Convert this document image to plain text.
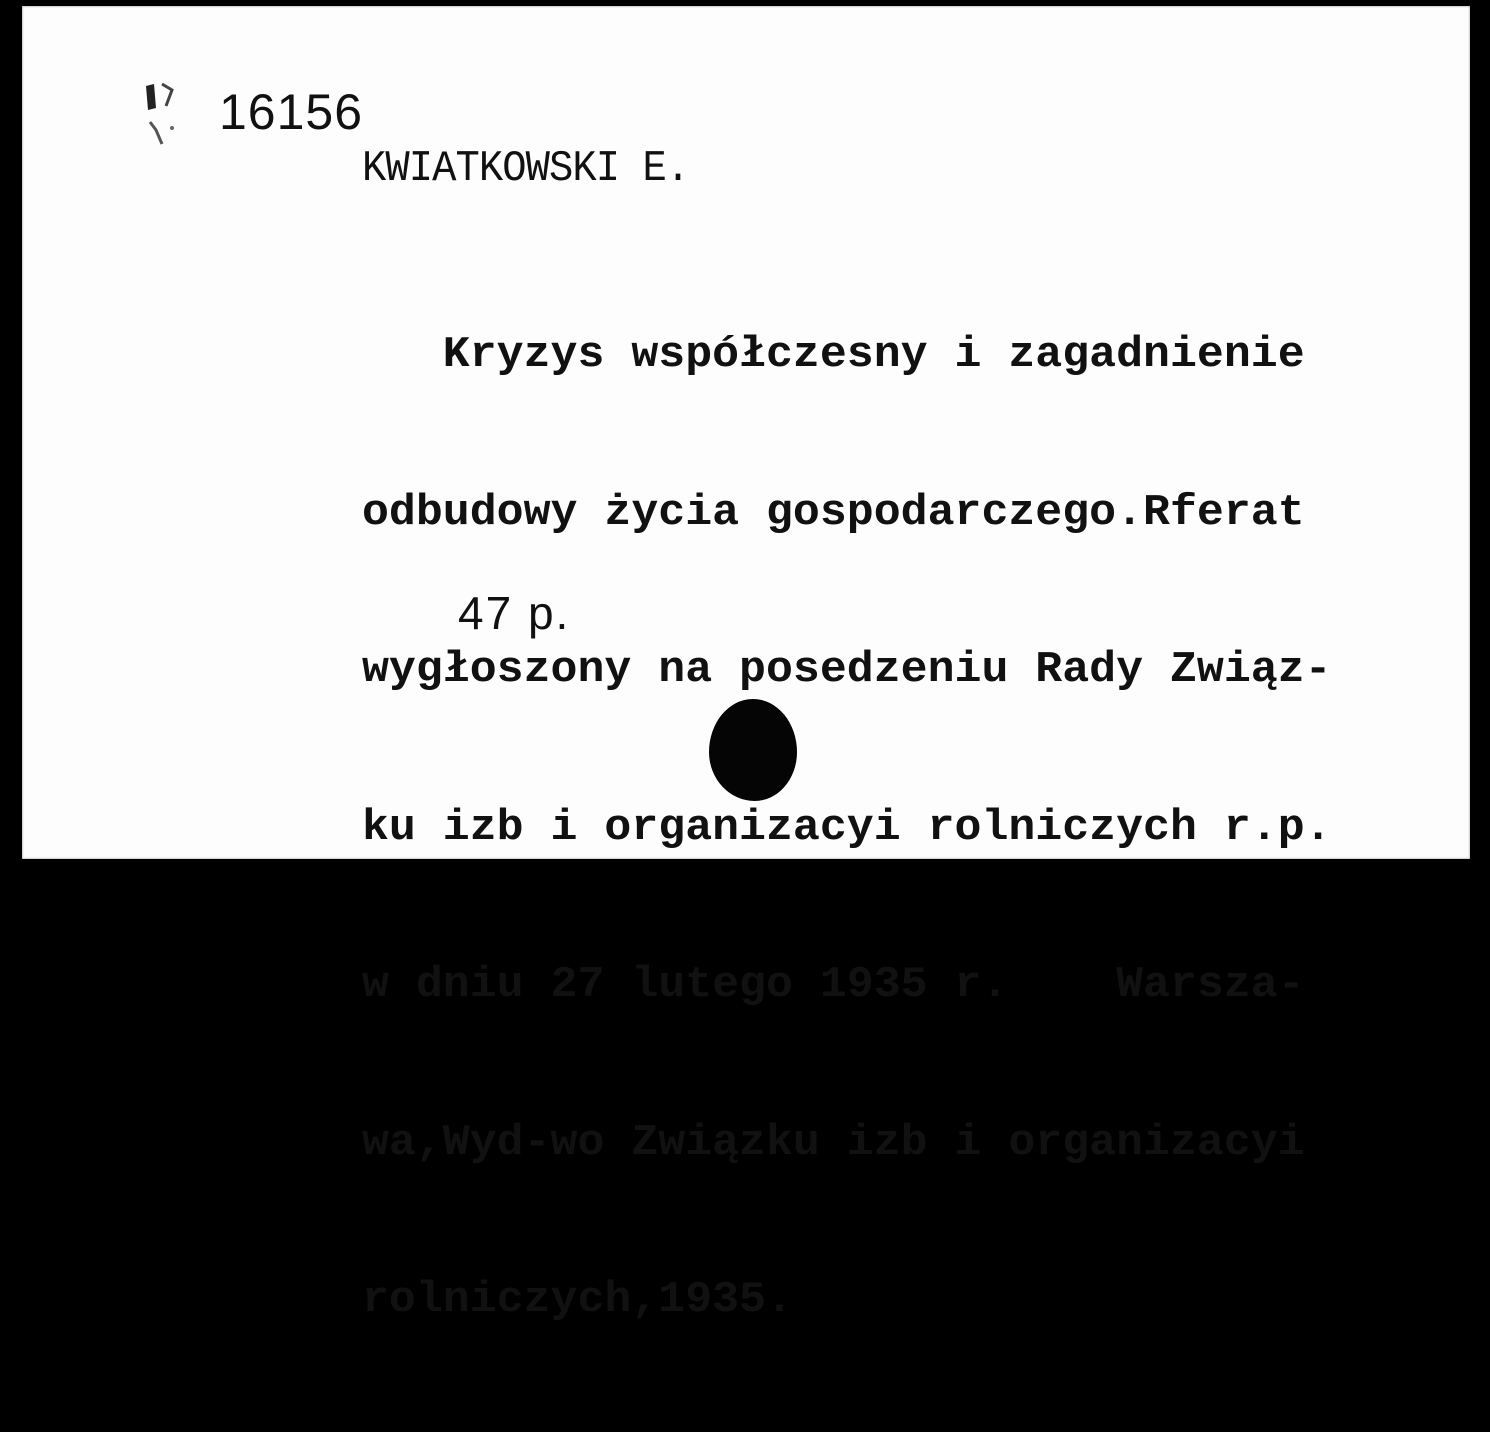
16156
KWIATKOWSKI E.

Kryzys współczesny i zagadnienie

odbudowy życia gospodarczego.Rferat

wygłoszony na posedzeniu Rady Związ-

ku izb i organizacyi rolniczych r.p.

w dniu 27 lutego 1935 r.    Warsza-

wa,Wyd-wo Związku izb i organizacyi

rolniczych,1935.

47 p.
